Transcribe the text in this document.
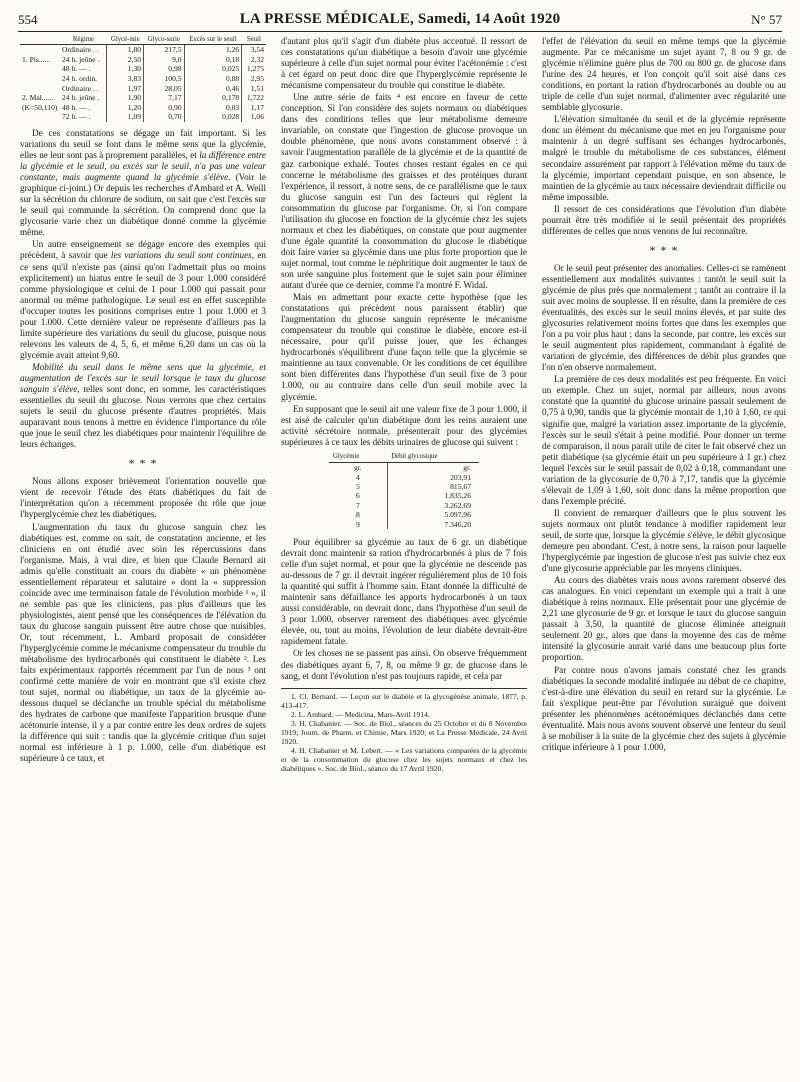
554	LA PRESSE MÉDICALE, Samedi, 14 Août 1920	N° 57
	Régime	Glycé-mie	Glyco-surie	Excès sur le seuil	Seuil
	Ordinaire . .	1,80	217,5	1,26	3,54
1. Pis......	24 h. jeûne .	2,50	9,0	0,18	2,32
	48 h. — .	1,30	0,98	0,025	1,275
	24 h. ordin.	3,83	100,5	0,88	2,95
	Ordinaire . .	1,97	28,05	0,46	1,51
2. Mal......	24 h. jeûne .	1,90	7,17	0,178	1,722
(K=50,110)	48 h. — .	1,20	0,90	0,03	1,17
	72 h. — .	1,09	0,70	0,028	1,06

De ces constatations se dégage un fait important. Si les variations du seuil se font dans le même sens que la glycémie, elles ne leur sont pas à proprement parallèles, et la différence entre la glycémie et le seuil, ou excès sur le seuil, n'a pas une valeur constante, mais augmente quand la glycémie s'élève. (Voir le graphique ci-joint.) Or depuis les recherches d'Ambard et A. Weill sur la sécrétion du chlorure de sodium, on sait que c'est l'excès sur le seuil qui commande la sécrétion. On comprend donc que la glycosurie varie chez un diabétique donné comme la glycémie même.

Un autre enseignement se dégage encore des exemples qui précèdent, à savoir que les variations du seuil sont continues, en ce sens qu'il n'existe pas (ainsi qu'on l'admettait plus ou moins explicitement) un hiatus entre le seuil de 3 pour 1.000 considéré comme physiologique et celui de 1 pour 1.000 qui passait pour anormal ou même pathologique. Le seuil est en effet susceptible d'occuper toutes les positions comprises entre 1 pour 1.000 et 3 pour 1.000. Cette dernière valeur ne représente d'ailleurs pas la limite supérieure des variations du seuil du glucose, puisque nous relevons les valeurs de 4, 5, 6, et même 6,20 dans un cas où la glycémie avait atteint 9,60.

Mobilité du seuil dans le même sens que la glycémie, et augmentation de l'excès sur le seuil lorsque le taux du glucose sanguin s'élève, telles sont donc, en somme, les caractéristiques essentielles du seuil du glucose. Nous verrons que chez certains sujets le seuil du glucose présente d'autres propriétés. Mais auparavant nous tenons à mettre en évidence l'importance du rôle que joue le seuil chez les diabétiques pour maintenir l'équilibre de leurs échanges.

* * *

Nous allons exposer brièvement l'orientation nouvelle que vient de recevoir l'étude des états diabétiques du fait de l'interprétation qu'on a récemment proposée du rôle que joue l'hyperglycémie chez les diabétiques.

L'augmentation du taux du glucose sanguin chez les diabétiques est, comme on sait, de constatation ancienne, et les cliniciens en ont étudié avec soin les répercussions dans l'organisme. Mais, à vrai dire, et bien que Claude Bernard ait admis qu'elle constituait au cours du diabète « un phénomène essentiellement réparateur et salutaire » dont la « suppression coïncide avec une terminaison fatale de l'évolution morbide ¹ », il ne semble pas que les cliniciens, pas plus d'ailleurs que les physiologistes, aient pensé que les conséquences de l'élévation du taux du glucose sanguin puissent être autre chose que nuisibles. Or, tout récemment, L. Ambard proposait de considérer l'hyperglycémie comme le mécanisme compensateur du trouble du métabolisme des hydrocarbonés qui constituent le diabète ². Les faits expérimentaux rapportés récemment par l'un de nous ³ ont confirmé cette manière de voir en montrant que s'il existe chez tout sujet, normal ou diabétique, un taux de la glycémie au-dessous duquel se déclanche un trouble spécial du métabolisme des hydrates de carbone que manifeste l'apparition brusque d'une acétonurie intense, il y a par contre entre les deux ordres de sujets la différence qui suit : tandis que la glycémie critique d'un sujet normal est inférieure à 1 p. 1.000, celle d'un diabétique est supérieure à ce taux, et

d'autant plus qu'il s'agit d'un diabète plus accentué. Il ressort de ces constatations qu'un diabétique a besoin d'avoir une glycémie supérieure à celle d'un sujet normal pour éviter l'acétonémie : c'est à cet égard on peut donc dire que l'hyperglycémie représente le mécanisme compensateur du trouble qui constitue le diabète.

Une autre série de faits ⁴ est encore en faveur de cette conception. Si l'on considère des sujets normaux ou diabétiques dans des conditions telles que leur métabolisme demeure invariable, on constate que l'ingestion de glucose provoque un double phénomène, que nous avons constamment observé : à savoir l'augmentation parallèle de la glycémie et de la quantité de gaz carbonique exhalé. Toutes choses restant égales en ce qui concerne le métabolisme des graisses et des protéiques durant l'expérience, il ressort, à notre sens, de ce parallélisme que le taux du glucose sanguin est l'un des facteurs qui règlent la consommation du glucose par l'organisme. Or, si l'on compare l'utilisation du glucose en fonction de la glycémie chez les sujets normaux et chez les diabétiques, on constate que pour augmenter d'une égale quantité la consommation du glucose le diabétique doit faire varier sa glycémie dans une plus forte proportion que le sujet normal, tout comme le néphritique doit augmenter le taux de son urée sanguine plus fortement que le sujet sain pour éliminer autant d'urée que ce dernier, comme l'a montré F. Widal.

Mais en admettant pour exacte cette hypothèse (que les constatations qui précèdent nous paraissent établir) que l'augmentation du glucose sanguin représente le mécanisme compensateur du trouble qui constitue le diabète, encore est-il nécessaire, pour qu'il puisse jouer, que les échanges hydrocarbonés s'équilibrent d'une façon telle que la glycémie se maintienne au taux convenable. Or les conditions de cet équilibre sont bien différentes dans l'hypothèse d'un seuil fixe de 3 pour 1.000, ou au contraire dans celle d'un seuil mobile avec la glycémie.

En supposant que le seuil ait une valeur fixe de 3 pour 1.000, il est aisé de calculer qu'un diabétique dont les reins auraient une activité sécrétoire normale, présenterait pour des glycémies supérieures à ce taux les débits urinaires de glucose qui suivent :

Glycémie	Débit glycosique
gr.	gr.
4	203,91
5	815,67
6	1.835,26
7	3.262,69
8	5.097,96
9	7.346,20

Pour équilibrer sa glycémie au taux de 6 gr. un diabétique devrait donc maintenir sa ration d'hydrocarbonés à plus de 7 fois celle d'un sujet normal, et pour que la glycémie ne descende pas au-dessous de 7 gr. il devrait ingérer régulièrement plus de 10 fois la quantité qui suffit à l'homme sain. Etant donnée la difficulté de maintenir sans défaillance les apports hydrocarbonés à un taux aussi considérable, on devrait donc, dans l'hypothèse d'un seuil de 3 pour 1.000, observer rarement des diabétiques avec glycémie élevée, ou, tout au moins, l'évolution de leur diabète devrait-être rapidement fatale.

Or les choses ne se passent pas ainsi. On observe fréquemment des diabétiques ayant 6, 7, 8, ou même 9 gr. de glucose dans le sang, et dont l'évolution n'est pas toujours rapide, et cela par

1. Cl. Bernard. — Leçon sur le diabète et la glycogénèse animale, 1877, p. 413-417.
2. L. Ambard. — Medicina, Mars-Avril 1914.
3. H. Chabanier. — Soc. de Biol., séances du 25 Octobre et du 8 Novembre 1919; Journ. de Pharm. et Chimie, Mars 1920; et La Presse Médicale, 24 Avril 1920.
4. H. Chabanier et M. Lebert. — « Les variations comparées de la glycémie et de la consommation du glucose chez les sujets normaux et chez les diabétiques ». Soc. de Biol., séance du 17 Avril 1920.

l'effet de l'élévation du seuil en même temps que la glycémie augmente. Par ce mécanisme un sujet ayant 7, 8 ou 9 gr. de glycémie n'élimine guère plus de 700 ou 800 gr. de glucose dans l'urine des 24 heures, et l'on conçoit qu'il soit aisé dans ces conditions, en portant la ration d'hydrocarbonés au double ou au triple de celle d'un sujet normal, d'alimenter avec régularité une semblable glycosurie.

L'élévation simultanée du seuil et de la glycémie représente donc un élément du mécanisme que met en jeu l'organisme pour maintenir à un degré suffisant ses échanges hydrocarbonés, malgré le trouble du métabolisme de ces substances, élément secondaire assurément par rapport à l'élévation même du taux de la glycémie, important cependant puisque, en son absence, le maintien de la glycémie au taux nécessaire deviendrait difficile ou même impossible.

Il ressort de ces considérations que l'évolution d'un diabète pourrait être très modifiée si le seuil présentait des propriétés différentes de celles que nous venons de lui reconnaître.

* * *

Or le seuil peut présenter des anomalies. Celles-ci se ramènent essentiellement aux modalités suivantes : tantôt le seuil suit la glycémie de plus près que normalement ; tantôt au contraire il la suit avec moins de souplesse. Il en résulte, dans la première de ces éventualités, des excès sur le seuil moins élevés, et par suite des glycosuries relativement moins fortes que dans les exemples que l'on a pu voir plus haut ; dans la seconde, par contre, les excès sur le seuil augmentent plus rapidement, commandant à égalité de variation de glycémie, des différences de débit plus grandes que l'on n'en observe normalement.

La première de ces deux modalités est peu fréquente. En voici un exemple. Chez un sujet, normal par ailleurs, nous avons constaté que la quantité du glucose urinaire passait seulement de 0,75 à 0,90, tandis que la glycémie montait de 1,10 à 1,60, ce qui signifie que, malgré la variation assez importante de la glycémie, l'excès sur le seuil s'était à peine modifié. Pour donner un terme de comparaison, il nous paraît utile de citer le fait observé chez un petit diabétique (sa glycémie était un peu supérieure à 1 gr.) chez lequel l'excès sur le seuil passait de 0,02 à 0,18, commandant une variation de la glycosurie de 0,70 à 7,17, tandis que la glycémie s'élevait de 1,09 à 1,60, soit donc dans la même proportion que dans l'exemple précité.

Il convient de remarquer d'ailleurs que le plus souvent les sujets normaux ont plutôt tendance à modifier rapidement leur seuil, de sorte que, lorsque la glycémie s'élève, le débit glycosique demeure peu abondant. C'est, à notre sens, la raison pour laquelle l'hyperglycémie par ingestion de glucose n'est pas suivie chez eux d'une glycosurie appréciable par les moyens cliniques.

Au cours des diabètes vrais nous avons rarement observé des cas analogues. En voici cependant un exemple qui a trait à une diabétique à reins normaux. Elle présentait pour une glycémie de 2,21 une glycosurie de 9 gr. et lorsque le taux du glucose sanguin passait à 3,50, la quantité de glucose éliminée atteignait seulement 20 gr., alors que dans la moyenne des cas de même intensité la glycosurie aurait varié dans une beaucoup plus forte proportion.

Par contre nous n'avons jamais constaté chez les grands diabétiques la seconde modalité indiquée au début de ce chapitre, c'est-à-dire une élévation du seuil en retard sur la glycémie. Le fait s'explique peut-être par l'évolution suraiguë que doivent présenter les phénomènes acétonémiques déclanchés dans cette éventualité. Mais nous avons souvent observé une lenteur du seuil à se mobiliser à la suite de la glycémie chez des sujets à glycémie critique inférieure à 1 pour 1.000,
